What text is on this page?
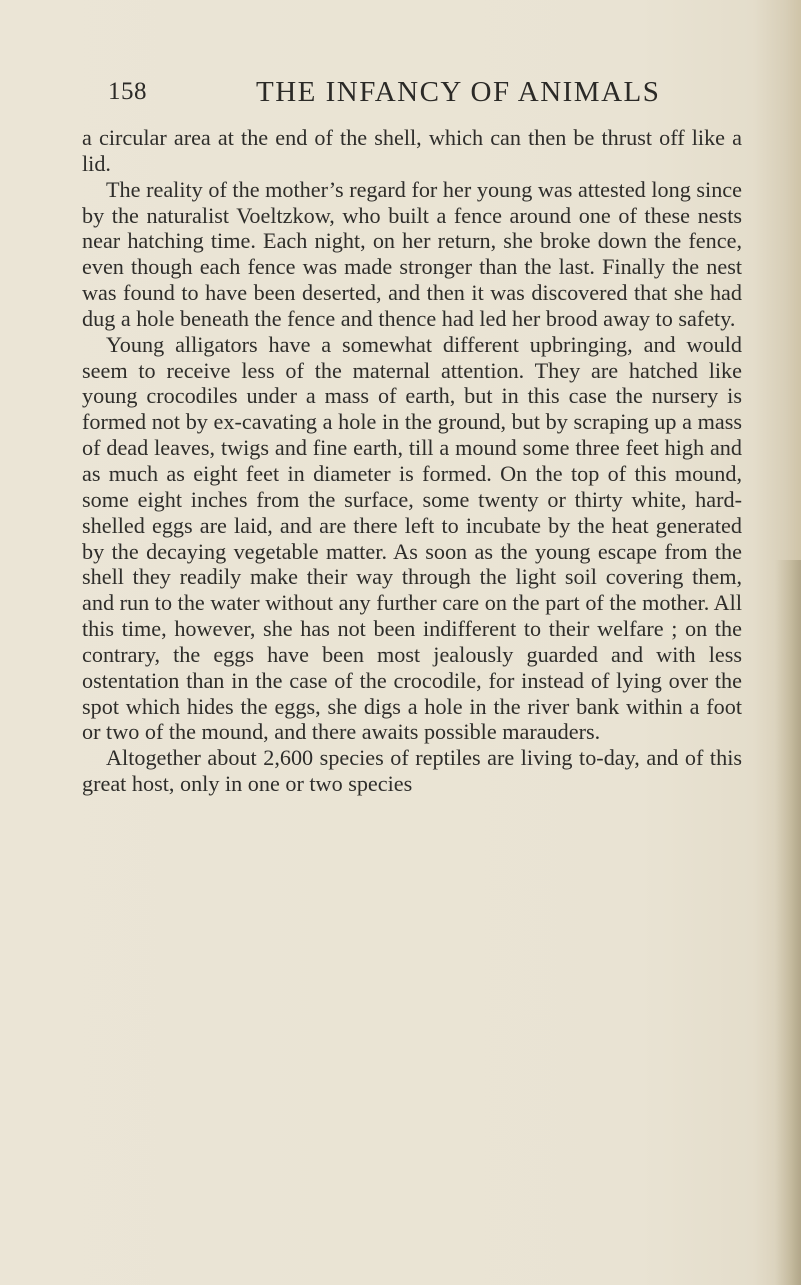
158	THE INFANCY OF ANIMALS

a circular area at the end of the shell, which can then be thrust off like a lid.

The reality of the mother’s regard for her young was attested long since by the naturalist Voeltzkow, who built a fence around one of these nests near hatching time. Each night, on her return, she broke down the fence, even though each fence was made stronger than the last. Finally the nest was found to have been deserted, and then it was discovered that she had dug a hole beneath the fence and thence had led her brood away to safety.

Young alligators have a somewhat different upbringing, and would seem to receive less of the maternal attention. They are hatched like young crocodiles under a mass of earth, but in this case the nursery is formed not by ex-cavating a hole in the ground, but by scraping up a mass of dead leaves, twigs and fine earth, till a mound some three feet high and as much as eight feet in diameter is formed. On the top of this mound, some eight inches from the surface, some twenty or thirty white, hard-shelled eggs are laid, and are there left to incubate by the heat generated by the decaying vegetable matter. As soon as the young escape from the shell they readily make their way through the light soil covering them, and run to the water without any further care on the part of the mother. All this time, however, she has not been indifferent to their welfare ; on the contrary, the eggs have been most jealously guarded and with less ostentation than in the case of the crocodile, for instead of lying over the spot which hides the eggs, she digs a hole in the river bank within a foot or two of the mound, and there awaits possible marauders.

Altogether about 2,600 species of reptiles are living to-day, and of this great host, only in one or two species
